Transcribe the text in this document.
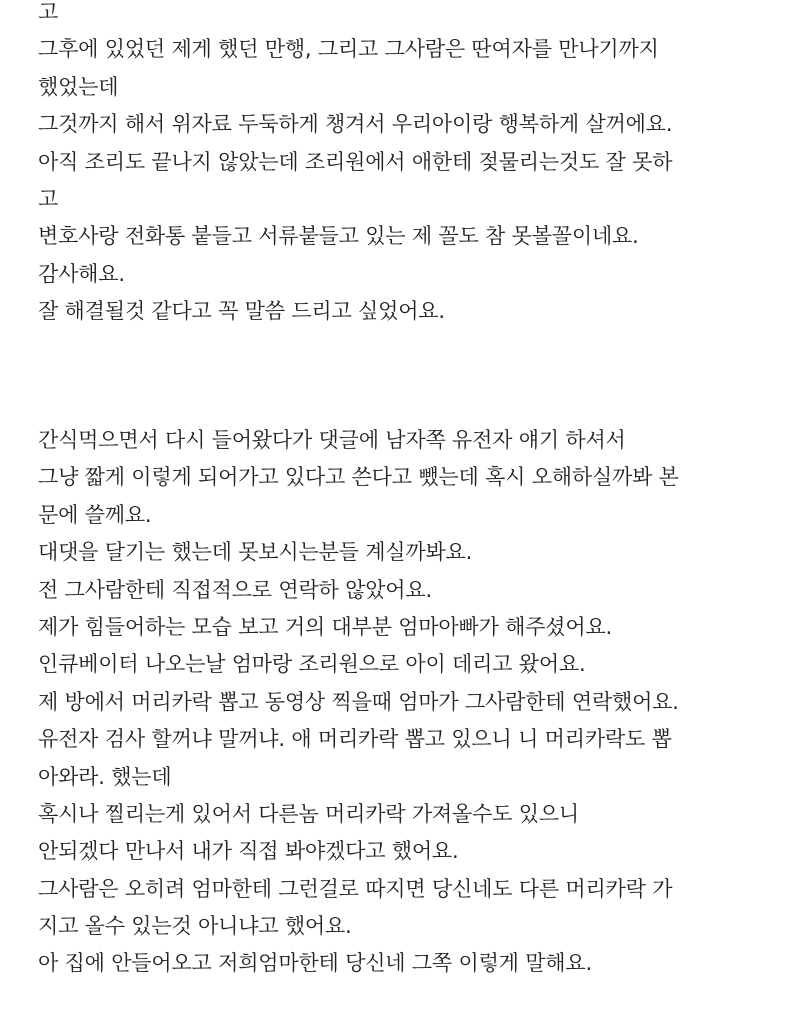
고
그후에 있었던 제게 했던 만행, 그리고 그사람은 딴여자를 만나기까지
했었는데
그것까지 해서 위자료 두둑하게 챙겨서 우리아이랑 행복하게 살꺼에요.
아직 조리도 끝나지 않았는데 조리원에서 애한테 젖물리는것도 잘 못하
고
변호사랑 전화통 붙들고 서류붙들고 있는 제 꼴도 참 못볼꼴이네요.
감사해요.
잘 해결될것 같다고 꼭 말씀 드리고 싶었어요.
간식먹으면서 다시 들어왔다가 댓글에 남자쪽 유전자 얘기 하셔서
그냥 짧게 이렇게 되어가고 있다고 쓴다고 뺐는데 혹시 오해하실까봐 본
문에 쓸께요.
대댓을 달기는 했는데 못보시는분들 계실까봐요.
전 그사람한테 직접적으로 연락하 않았어요.
제가 힘들어하는 모습 보고 거의 대부분 엄마아빠가 해주셨어요.
인큐베이터 나오는날 엄마랑 조리원으로 아이 데리고 왔어요.
제 방에서 머리카락 뽑고 동영상 찍을때 엄마가 그사람한테 연락했어요.
유전자 검사 할꺼냐 말꺼냐. 애 머리카락 뽑고 있으니 니 머리카락도 뽑
아와라. 했는데
혹시나 찔리는게 있어서 다른놈 머리카락 가져올수도 있으니
안되겠다 만나서 내가 직접 봐야겠다고 했어요.
그사람은 오히려 엄마한테 그런걸로 따지면 당신네도 다른 머리카락 가
지고 올수 있는것 아니냐고 했어요.
아 집에 안들어오고 저희엄마한테 당신네 그쪽 이렇게 말해요.
